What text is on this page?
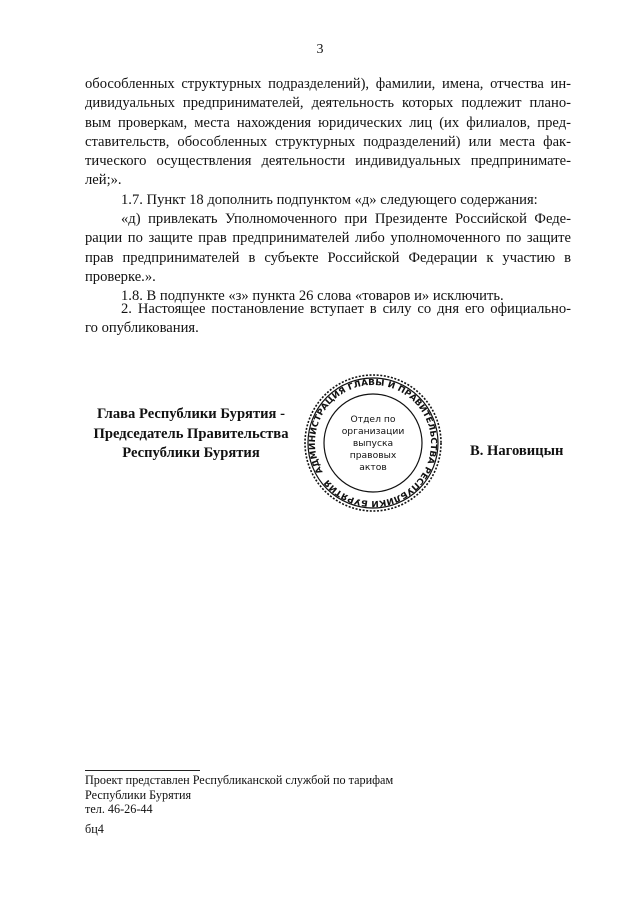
3
обособленных структурных подразделений), фамилии, имена, отчества ин-
дивидуальных предпринимателей, деятельность которых подлежит плано-
вым проверкам, места нахождения юридических лиц (их филиалов, пред-
ставительств, обособленных структурных подразделений) или места фак-
тического осуществления деятельности индивидуальных предпринимате-
лей;».
1.7. Пункт 18 дополнить подпунктом «д» следующего содержания:
«д) привлекать Уполномоченного при Президенте Российской Феде-
рации по защите прав предпринимателей либо уполномоченного по защите
прав предпринимателей в субъекте Российской Федерации к участию в
проверке.».
1.8. В подпункте «з» пункта 26 слова «товаров и» исключить.
2. Настоящее постановление вступает в силу со дня его официально-
го опубликования.
Глава Республики Бурятия -
Председатель Правительства
Республики Бурятия
АДМИНИСТРАЦИЯ ГЛАВЫ И ПРАВИТЕЛЬСТВА РЕСПУБЛИКИ БУРЯТИЯ
Отдел по
организации
выпуска
правовых
актов
В. Наговицын
Проект представлен Республиканской службой по тарифам
Республики Бурятия
тел. 46-26-44
бц4
